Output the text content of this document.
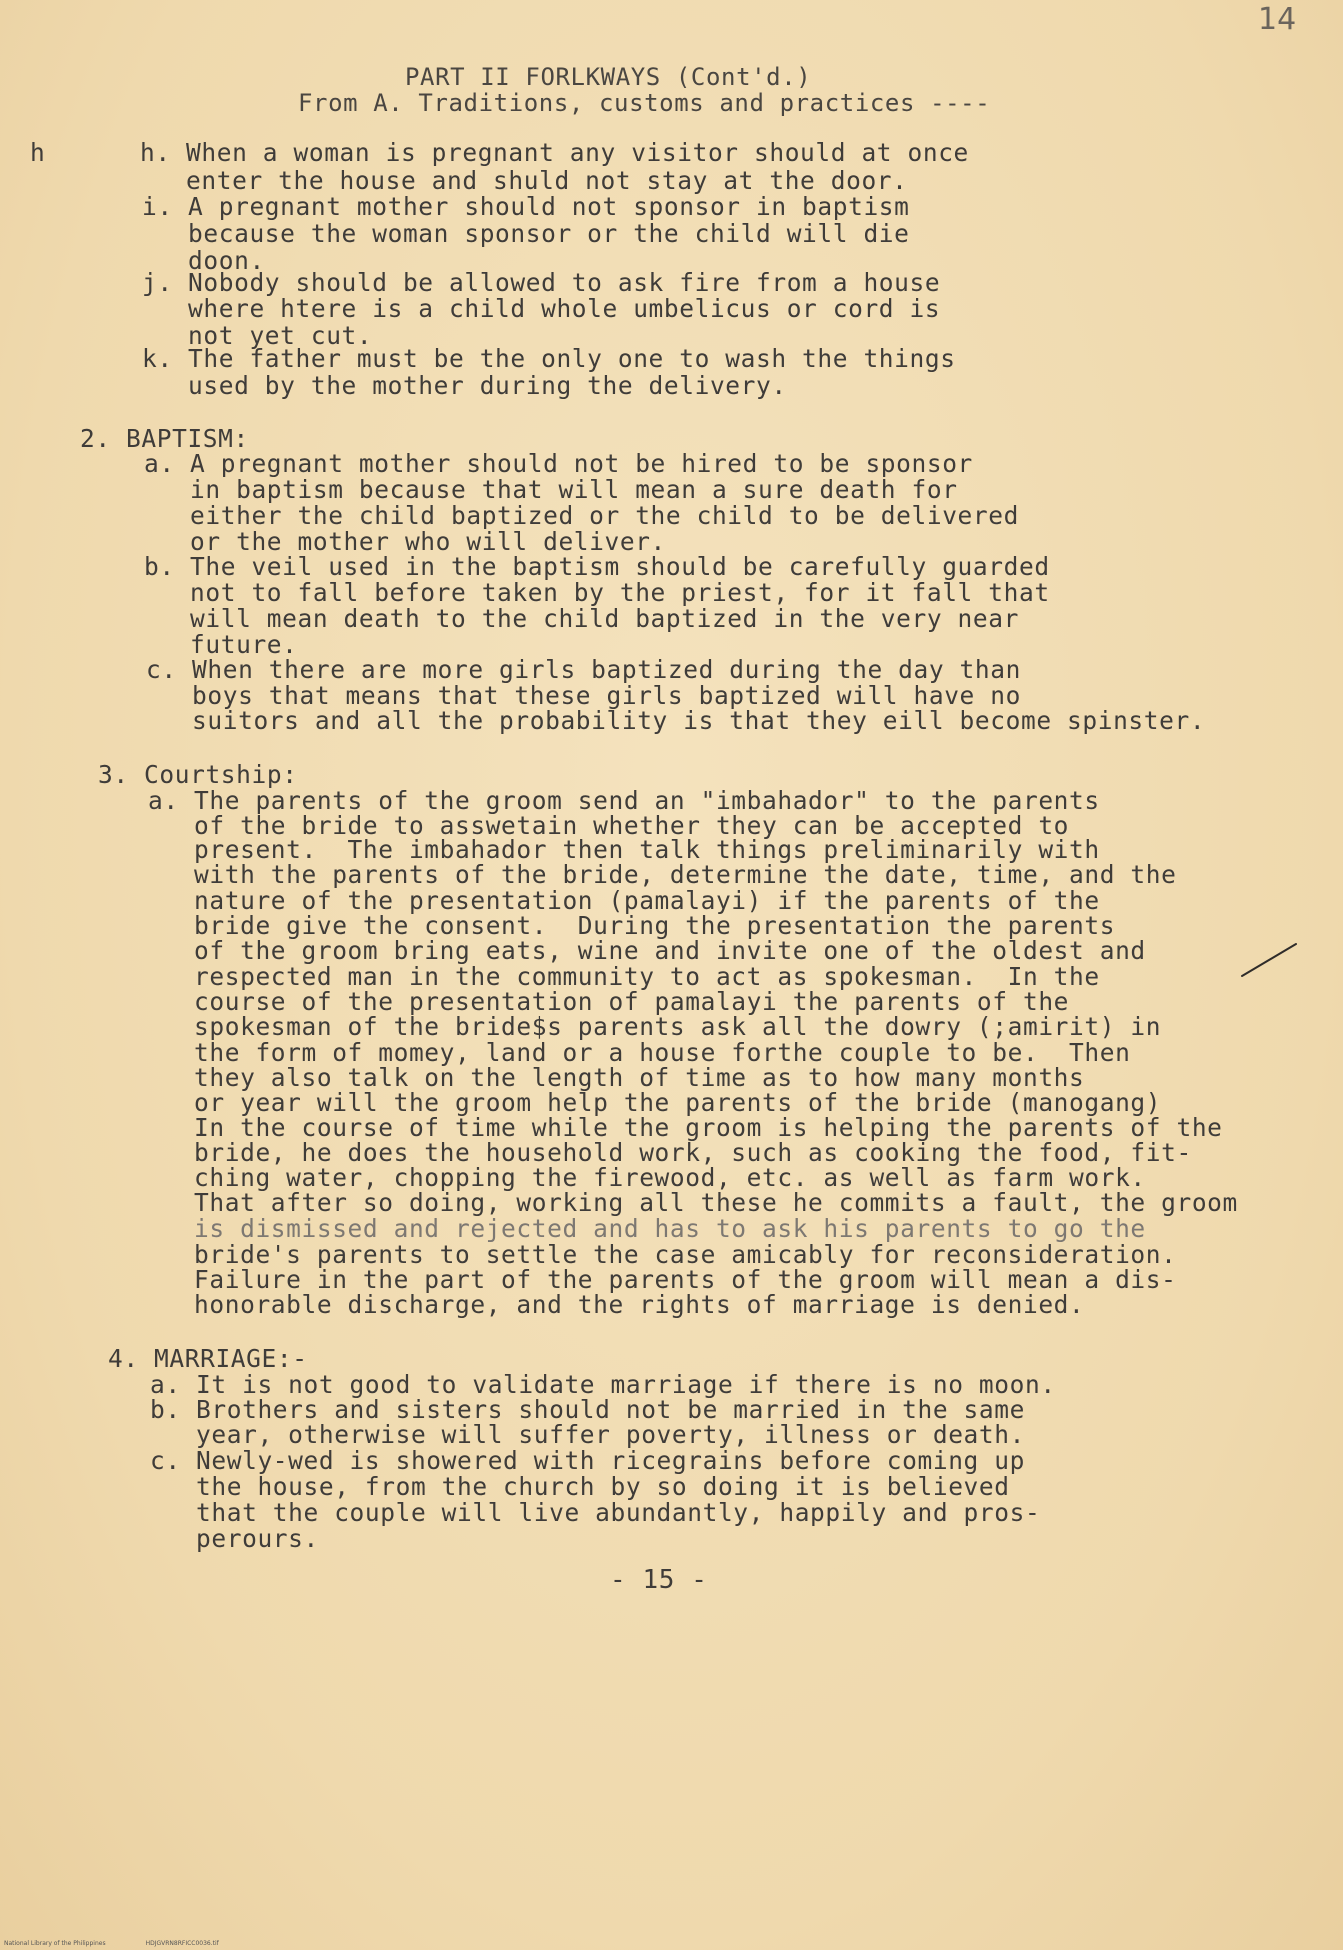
14
PART II FORLKWAYS (Cont'd.)
From A. Traditions, customs and practices ----
h	h. When a woman is pregnant any visitor should at once
enter the house and shuld not stay at the door.
i. A pregnant mother should not sponsor in baptism
because the woman sponsor or the child will die
doon.
j. Nobody should be allowed to ask fire from a house
where htere is a child whole umbelicus or cord is
not yet cut.
k. The father must be the only one to wash the things
used by the mother during the delivery.
2. BAPTISM:
a. A pregnant mother should not be hired to be sponsor
in baptism because that will mean a sure death for
either the child baptized or the child to be delivered
or the mother who will deliver.
b. The veil used in the baptism should be carefully guarded
not to fall before taken by the priest, for it fall that
will mean death to the child baptized in the very near
future.
c. When there are more girls baptized during the day than
boys that means that these girls baptized will have no
suitors and all the probability is that they eill become spinster.
3. Courtship:
a. The parents of the groom send an "imbahador" to the parents
of the bride to asswetain whether they can be accepted to
present.  The imbahador then talk things preliminarily with
with the parents of the bride, determine the date, time, and the
nature of the presentation (pamalayi) if the parents of the
bride give the consent.  During the presentation the parents
of the groom bring eats, wine and invite one of the oldest and
respected man in the community to act as spokesman.  In the
course of the presentation of pamalayi the parents of the
spokesman of the bride$s parents ask all the dowry (;amirit) in
the form of momey, land or a house forthe couple to be.  Then
they also talk on the length of time as to how many months
or year will the groom help the parents of the bride (manogang)
In the course of time while the groom is helping the parents of the
bride, he does the household work, such as cooking the food, fit-
ching water, chopping the firewood, etc. as well as farm work.
That after so doing, working all these he commits a fault, the groom
is dismissed and rejected and has to ask his parents to go the
bride's parents to settle the case amicably for reconsideration.
Failure in the part of the parents of the groom will mean a dis-
honorable discharge, and the rights of marriage is denied.
4. MARRIAGE:-
a. It is not good to validate marriage if there is no moon.
b. Brothers and sisters should not be married in the same
year, otherwise will suffer poverty, illness or death.
c. Newly-wed is showered with ricegrains before coming up
the house, from the church by so doing it is believed
that the couple will live abundantly, happily and pros-
perours.
- 15 -
National Library of the Philippines	HDJGVRN8RFICC0036.tif
